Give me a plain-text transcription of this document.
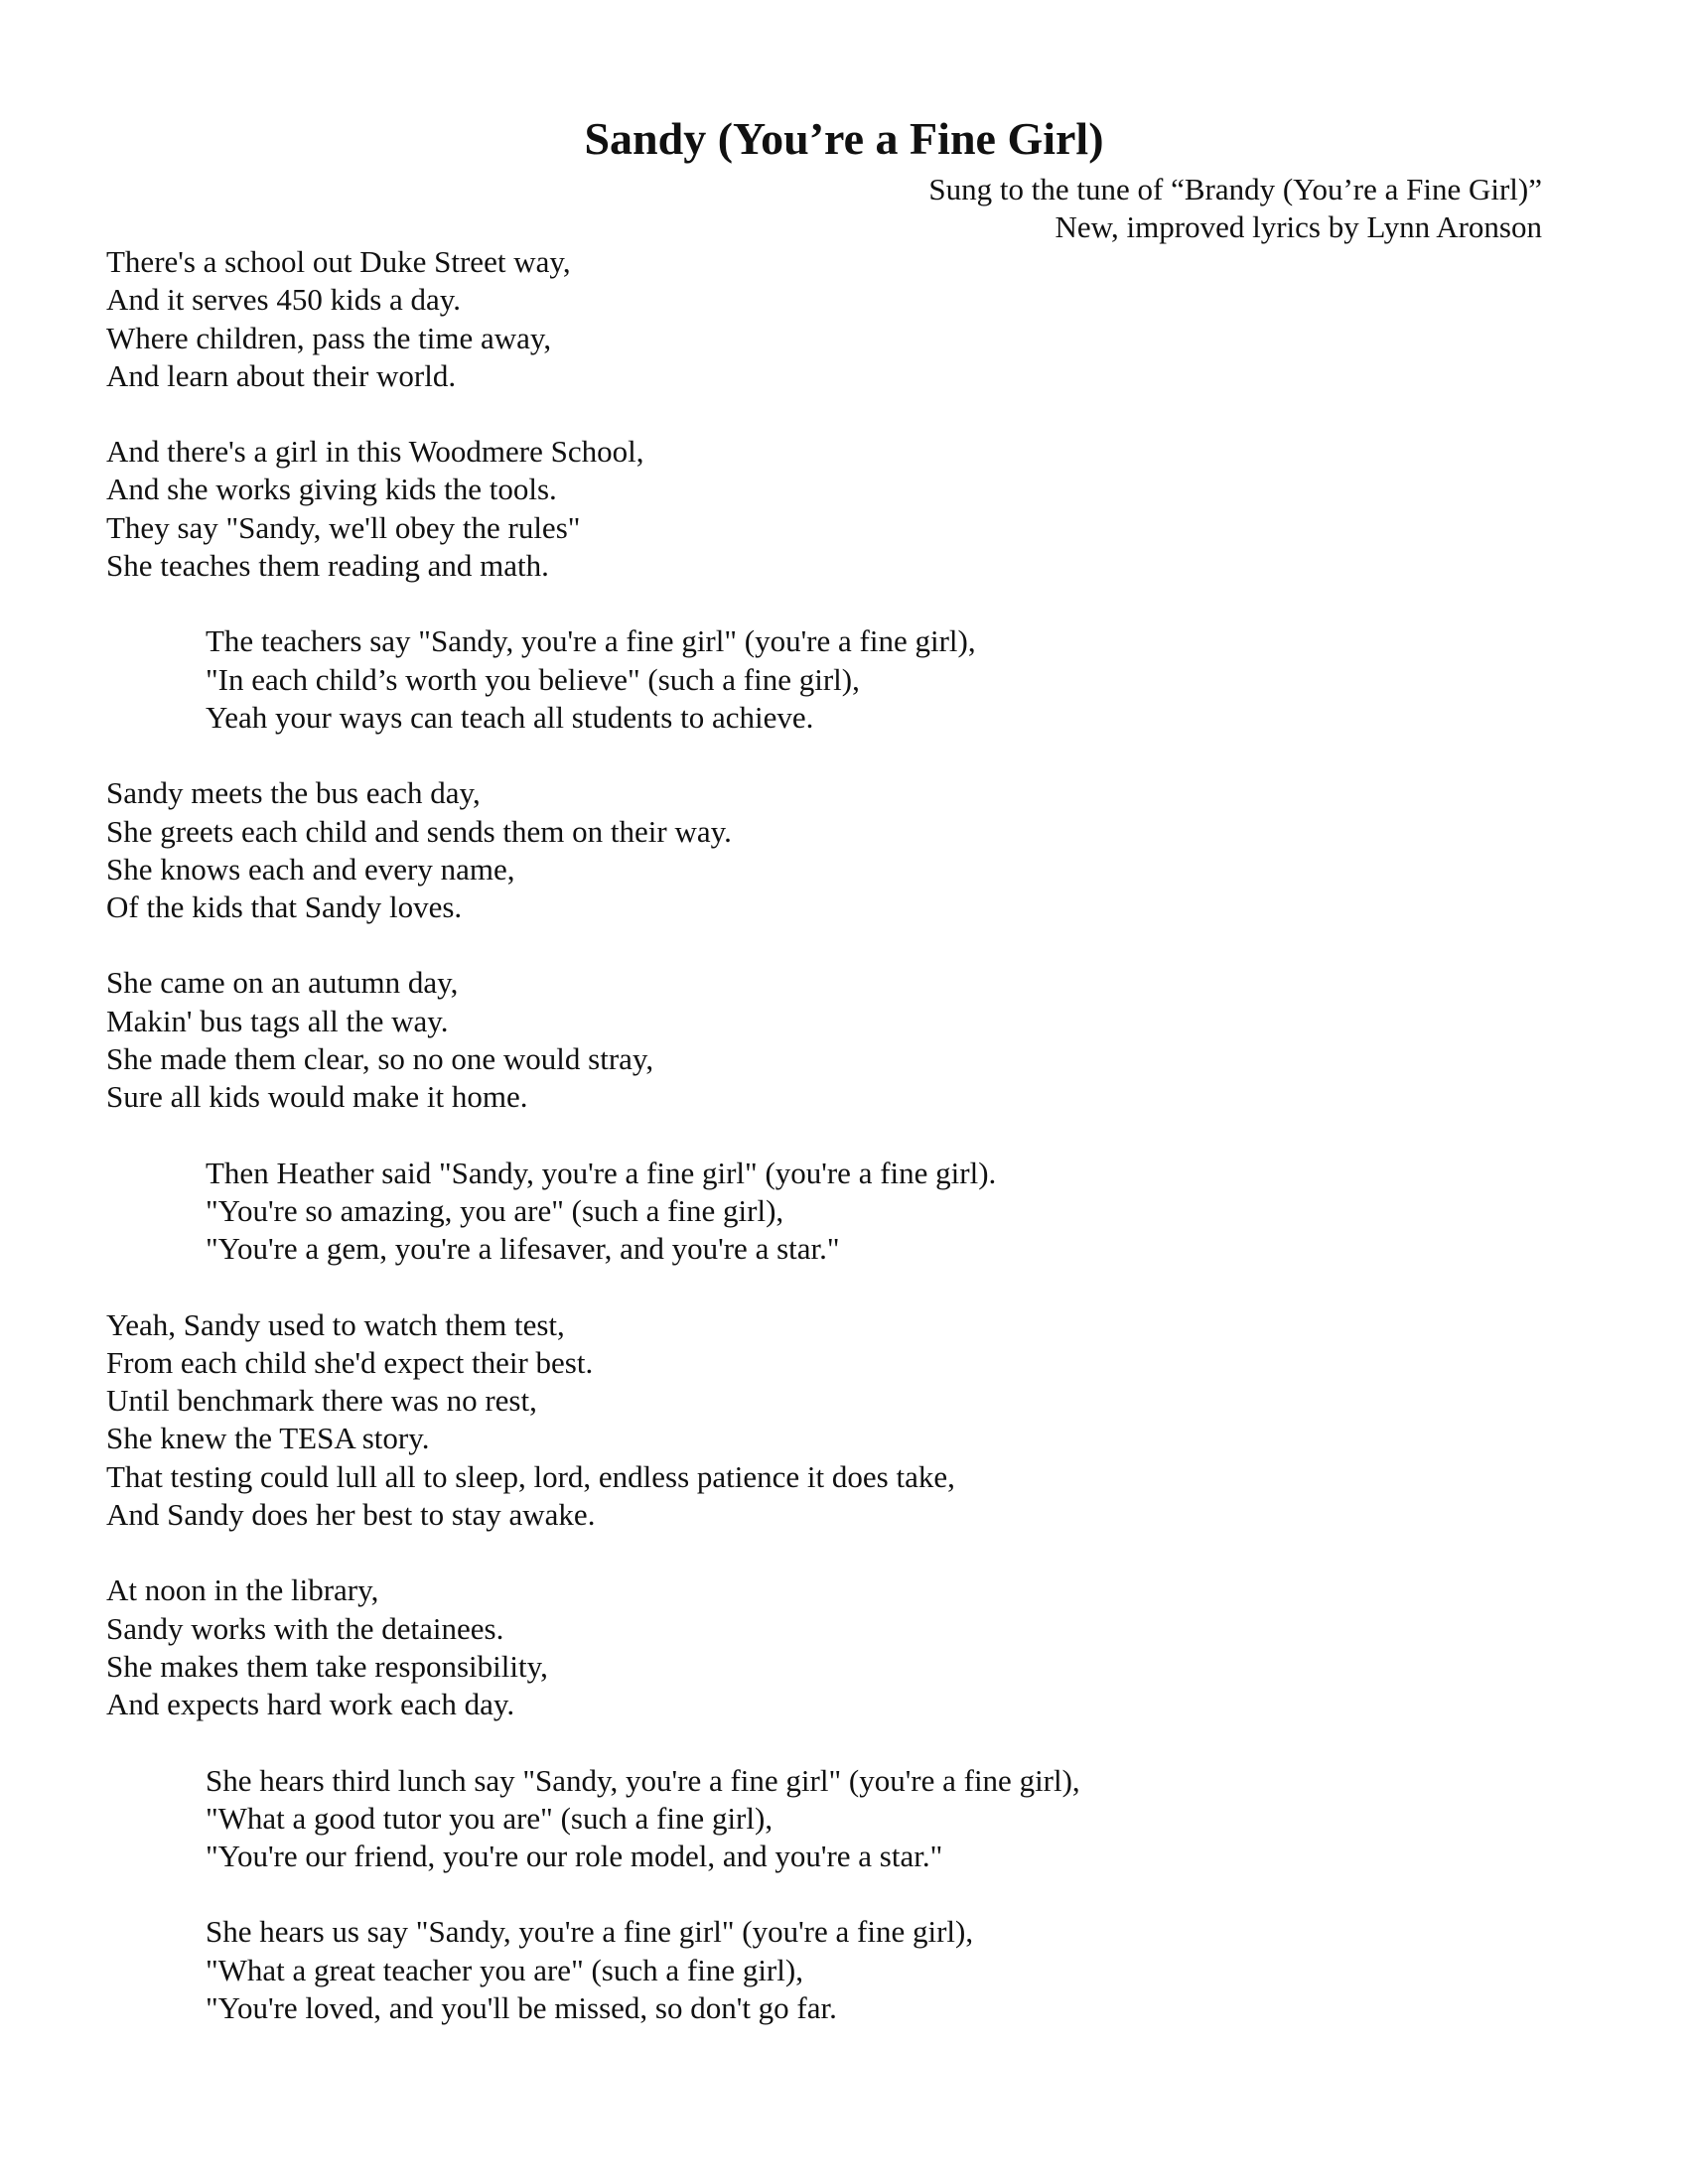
Sandy (You’re a Fine Girl)

Sung to the tune of “Brandy (You’re a Fine Girl)”

New, improved lyrics by Lynn Aronson

There's a school out Duke Street way,
And it serves 450 kids a day.
Where children, pass the time away,
And learn about their world.
And there's a girl in this Woodmere School,
And she works giving kids the tools.
They say "Sandy, we'll obey the rules"
She teaches them reading and math.
The teachers say "Sandy, you're a fine girl" (you're a fine girl),
"In each child’s worth you believe" (such a fine girl),
Yeah your ways can teach all students to achieve.
Sandy meets the bus each day,
She greets each child and sends them on their way.
She knows each and every name,
Of the kids that Sandy loves.
She came on an autumn day,
Makin' bus tags all the way.
She made them clear, so no one would stray,
Sure all kids would make it home.
Then Heather said "Sandy, you're a fine girl" (you're a fine girl).
"You're so amazing, you are" (such a fine girl),
"You're a gem, you're a lifesaver, and you're a star."
Yeah, Sandy used to watch them test,
From each child she'd expect their best.
Until benchmark there was no rest,
She knew the TESA story.
That testing could lull all to sleep, lord, endless patience it does take,
And Sandy does her best to stay awake.
At noon in the library,
Sandy works with the detainees.
She makes them take responsibility,
And expects hard work each day.
She hears third lunch say "Sandy, you're a fine girl" (you're a fine girl),
"What a good tutor you are" (such a fine girl),
"You're our friend, you're our role model, and you're a star."
She hears us say "Sandy, you're a fine girl" (you're a fine girl),
"What a great teacher you are" (such a fine girl),
"You're loved, and you'll be missed, so don't go far.
